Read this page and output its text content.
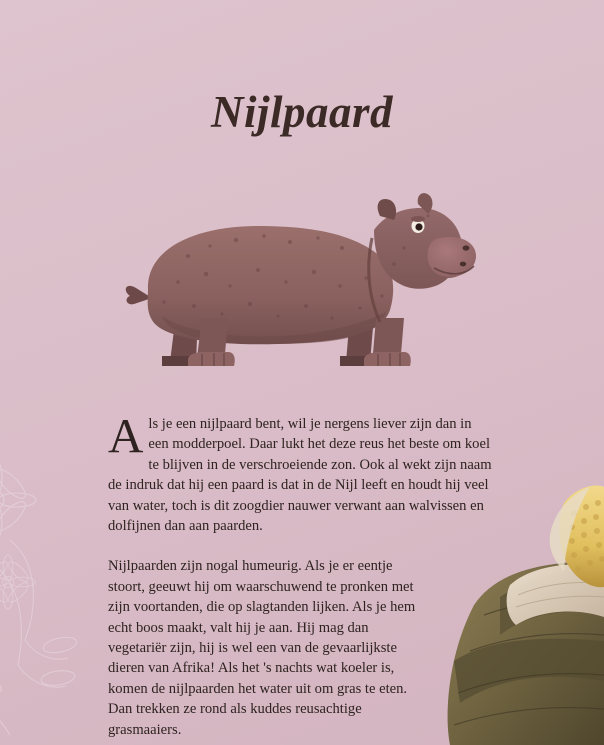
Nijlpaard

Als je een nijlpaard bent, wil je nergens liever zijn dan in een modderpoel. Daar lukt het deze reus het beste om koel te blijven in de verschroeiende zon. Ook al wekt zijn naam de indruk dat hij een paard is dat in de Nijl leeft en houdt hij veel van water, toch is dit zoogdier nauwer verwant aan walvissen en dolfijnen dan aan paarden.

Nijlpaarden zijn nogal humeurig. Als je er eentje stoort, geeuwt hij om waarschuwend te pronken met zijn voortanden, die op slagtanden lijken. Als je hem echt boos maakt, valt hij je aan. Hij mag dan vegetariër zijn, hij is wel een van de gevaarlijkste dieren van Afrika! Als het 's nachts wat koeler is, komen de nijlpaarden het water uit om gras te eten. Dan trekken ze rond als kuddes reusachtige grasmaaiers.
